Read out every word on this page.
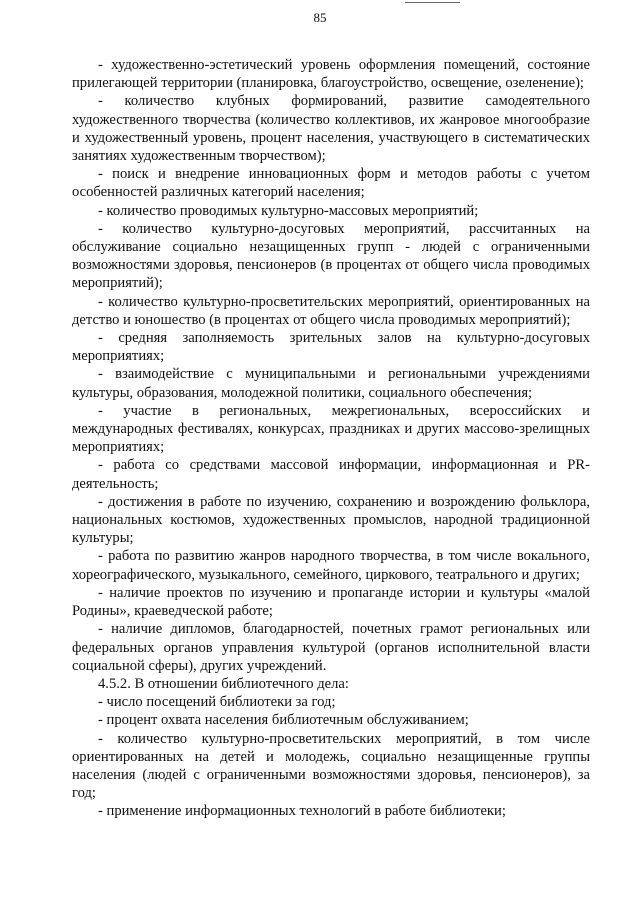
85

- художественно-эстетический уровень оформления помещений, состояние прилегающей территории (планировка, благоустройство, освещение, озеленение);

- количество клубных формирований, развитие самодеятельного художественного творчества (количество коллективов, их жанровое многообразие и художественный уровень, процент населения, участвующего в систематических занятиях художественным творчеством);

- поиск и внедрение инновационных форм и методов работы с учетом особенностей различных категорий населения;

- количество проводимых культурно-массовых мероприятий;

- количество культурно-досуговых мероприятий, рассчитанных на обслуживание социально незащищенных групп - людей с ограниченными возможностями здоровья, пенсионеров (в процентах от общего числа проводимых мероприятий);

- количество культурно-просветительских мероприятий, ориентированных на детство и юношество (в процентах от общего числа проводимых мероприятий);

- средняя заполняемость зрительных залов на культурно-досуговых мероприятиях;

- взаимодействие с муниципальными и региональными учреждениями культуры, образования, молодежной политики, социального обеспечения;

- участие в региональных, межрегиональных, всероссийских и международных фестивалях, конкурсах, праздниках и других массово-зрелищных мероприятиях;

- работа со средствами массовой информации, информационная и PR-деятельность;

- достижения в работе по изучению, сохранению и возрождению фольклора, национальных костюмов, художественных промыслов, народной традиционной культуры;

- работа по развитию жанров народного творчества, в том числе вокального, хореографического, музыкального, семейного, циркового, театрального и других;

- наличие проектов по изучению и пропаганде истории и культуры «малой Родины», краеведческой работе;

- наличие дипломов, благодарностей, почетных грамот региональных или федеральных органов управления культурой (органов исполнительной власти социальной сферы), других учреждений.

4.5.2. В отношении библиотечного дела:

- число посещений библиотеки за год;

- процент охвата населения библиотечным обслуживанием;

- количество культурно-просветительских мероприятий, в том числе ориентированных на детей и молодежь, социально незащищенные группы населения (людей с ограниченными возможностями здоровья, пенсионеров), за год;

- применение информационных технологий в работе библиотеки;
